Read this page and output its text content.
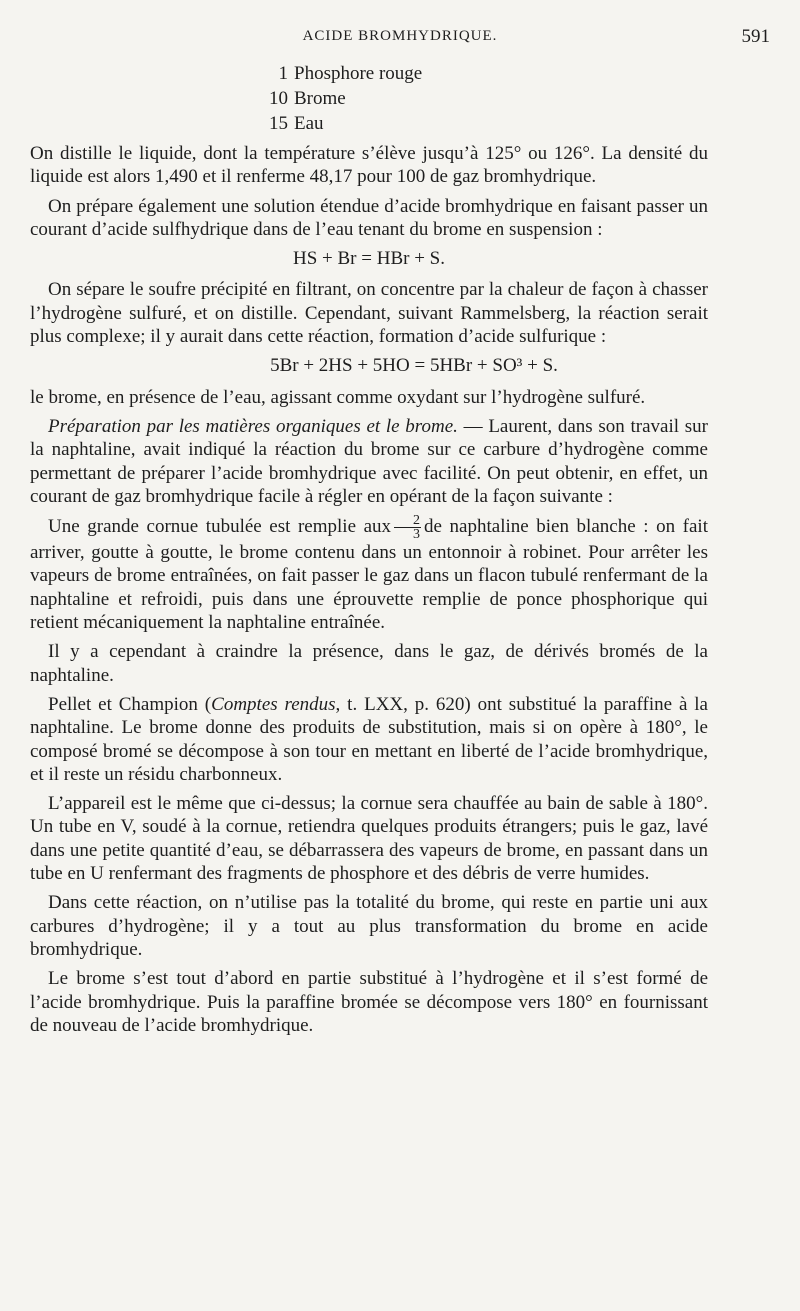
ACIDE BROMHYDRIQUE.	591
1 Phosphore rouge
10 Brome
15 Eau

On distille le liquide, dont la température s’élève jusqu’à 125° ou 126°. La densité du liquide est alors 1,490 et il renferme 48,17 pour 100 de gaz bromhydrique.

On prépare également une solution étendue d’acide bromhydrique en faisant passer un courant d’acide sulfhydrique dans de l’eau tenant du brome en suspension :

HS + Br = HBr + S.

On sépare le soufre précipité en filtrant, on concentre par la chaleur de façon à chasser l’hydrogène sulfuré, et on distille. Cependant, suivant Rammelsberg, la réaction serait plus complexe; il y aurait dans cette réaction, formation d’acide sulfurique :

5Br + 2HS + 5HO = 5HBr + SO³ + S.

le brome, en présence de l’eau, agissant comme oxydant sur l’hydrogène sulfuré.

Préparation par les matières organiques et le brome. — Laurent, dans son travail sur la naphtaline, avait indiqué la réaction du brome sur ce carbure d’hydrogène comme permettant de préparer l’acide bromhydrique avec facilité. On peut obtenir, en effet, un courant de gaz bromhydrique facile à régler en opérant de la façon suivante :

Une grande cornue tubulée est remplie aux $\frac{2}{3}$ de naphtaline bien blanche : on fait arriver, goutte à goutte, le brome contenu dans un entonnoir à robinet. Pour arrêter les vapeurs de brome entraînées, on fait passer le gaz dans un flacon tubulé renfermant de la naphtaline et refroidi, puis dans une éprouvette remplie de ponce phosphorique qui retient mécaniquement la naphtaline entraînée.

Il y a cependant à craindre la présence, dans le gaz, de dérivés bromés de la naphtaline.

Pellet et Champion (Comptes rendus, t. LXX, p. 620) ont substitué la paraffine à la naphtaline. Le brome donne des produits de substitution, mais si on opère à 180°, le composé bromé se décompose à son tour en mettant en liberté de l’acide bromhydrique, et il reste un résidu charbonneux.

L’appareil est le même que ci-dessus; la cornue sera chauffée au bain de sable à 180°. Un tube en V, soudé à la cornue, retiendra quelques produits étrangers; puis le gaz, lavé dans une petite quantité d’eau, se débarrassera des vapeurs de brome, en passant dans un tube en U renfermant des fragments de phosphore et des débris de verre humides.

Dans cette réaction, on n’utilise pas la totalité du brome, qui reste en partie uni aux carbures d’hydrogène; il y a tout au plus transformation du brome en acide bromhydrique.

Le brome s’est tout d’abord en partie substitué à l’hydrogène et il s’est formé de l’acide bromhydrique. Puis la paraffine bromée se décompose vers 180° en fournissant de nouveau de l’acide bromhydrique.
